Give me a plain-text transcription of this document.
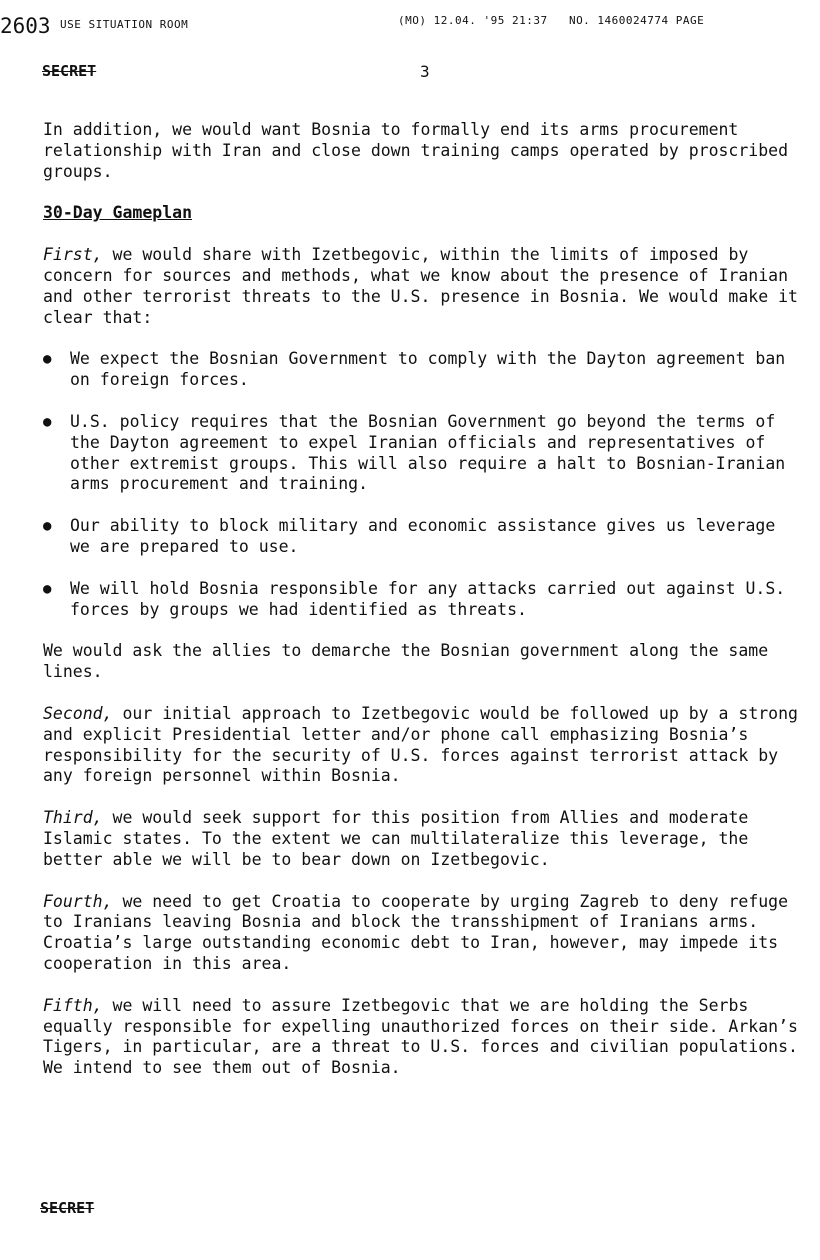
2603 USE SITUATION ROOM	(MO) 12.04. '95 21:37   NO. 1460024774 PAGE
SECRET	3

In addition, we would want Bosnia to formally end its arms procurement relationship with Iran and close down training camps operated by proscribed groups.

30-Day Gameplan

First, we would share with Izetbegovic, within the limits of imposed by concern for sources and methods, what we know about the presence of Iranian and other terrorist threats to the U.S. presence in Bosnia. We would make it clear that:

● We expect the Bosnian Government to comply with the Dayton agreement ban on foreign forces.
● U.S. policy requires that the Bosnian Government go beyond the terms of the Dayton agreement to expel Iranian officials and representatives of other extremist groups. This will also require a halt to Bosnian-Iranian arms procurement and training.
● Our ability to block military and economic assistance gives us leverage we are prepared to use.
● We will hold Bosnia responsible for any attacks carried out against U.S. forces by groups we had identified as threats.

We would ask the allies to demarche the Bosnian government along the same lines.

Second, our initial approach to Izetbegovic would be followed up by a strong and explicit Presidential letter and/or phone call emphasizing Bosnia’s responsibility for the security of U.S. forces against terrorist attack by any foreign personnel within Bosnia.

Third, we would seek support for this position from Allies and moderate Islamic states. To the extent we can multilateralize this leverage, the better able we will be to bear down on Izetbegovic.

Fourth, we need to get Croatia to cooperate by urging Zagreb to deny refuge to Iranians leaving Bosnia and block the transshipment of Iranians arms. Croatia’s large outstanding economic debt to Iran, however, may impede its cooperation in this area.

Fifth, we will need to assure Izetbegovic that we are holding the Serbs equally responsible for expelling unauthorized forces on their side. Arkan’s Tigers, in particular, are a threat to U.S. forces and civilian populations. We intend to see them out of Bosnia.

SECRET
